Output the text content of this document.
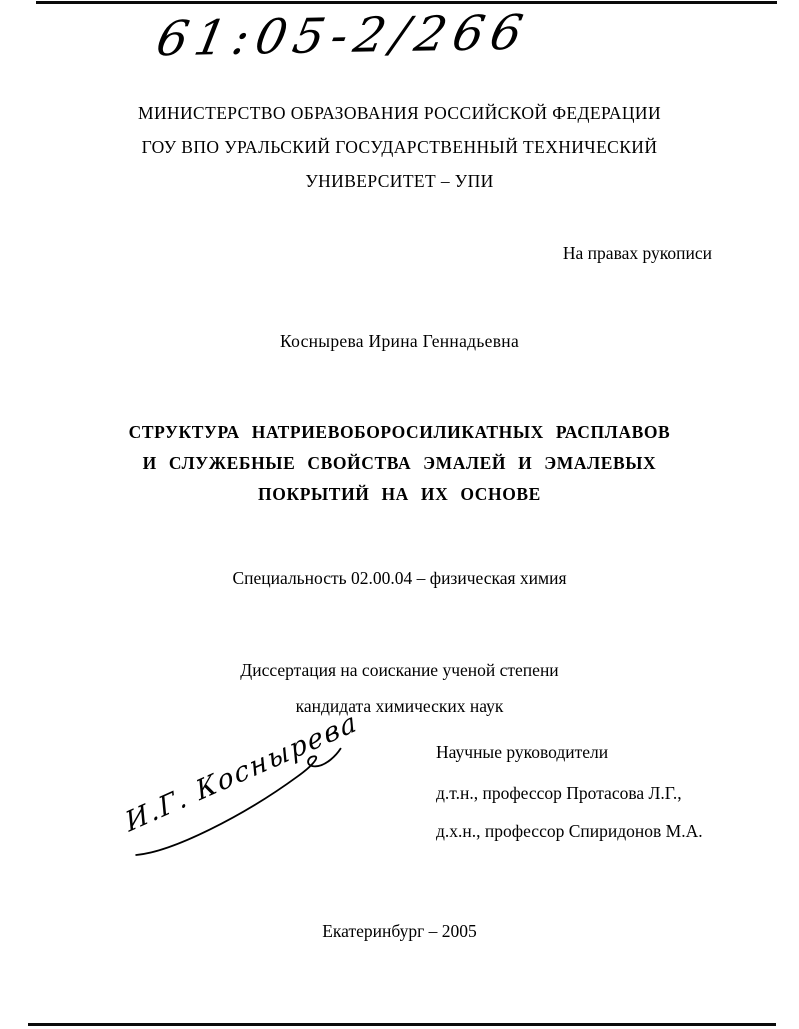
61:05-2/266
МИНИСТЕРСТВО ОБРАЗОВАНИЯ РОССИЙСКОЙ ФЕДЕРАЦИИ
ГОУ ВПО УРАЛЬСКИЙ ГОСУДАРСТВЕННЫЙ ТЕХНИЧЕСКИЙ
УНИВЕРСИТЕТ – УПИ
На правах рукописи
Коснырева Ирина Геннадьевна
СТРУКТУРА НАТРИЕВОБОРОСИЛИКАТНЫХ РАСПЛАВОВ
И СЛУЖЕБНЫЕ СВОЙСТВА ЭМАЛЕЙ И ЭМАЛЕВЫХ
ПОКРЫТИЙ НА ИХ ОСНОВЕ
Специальность 02.00.04 – физическая химия
Диссертация на соискание ученой степени
кандидата химических наук
Научные руководители
д.т.н., профессор Протасова Л.Г.,
д.х.н., профессор Спиридонов М.А.
И.Г. Коснырева
Екатеринбург – 2005
